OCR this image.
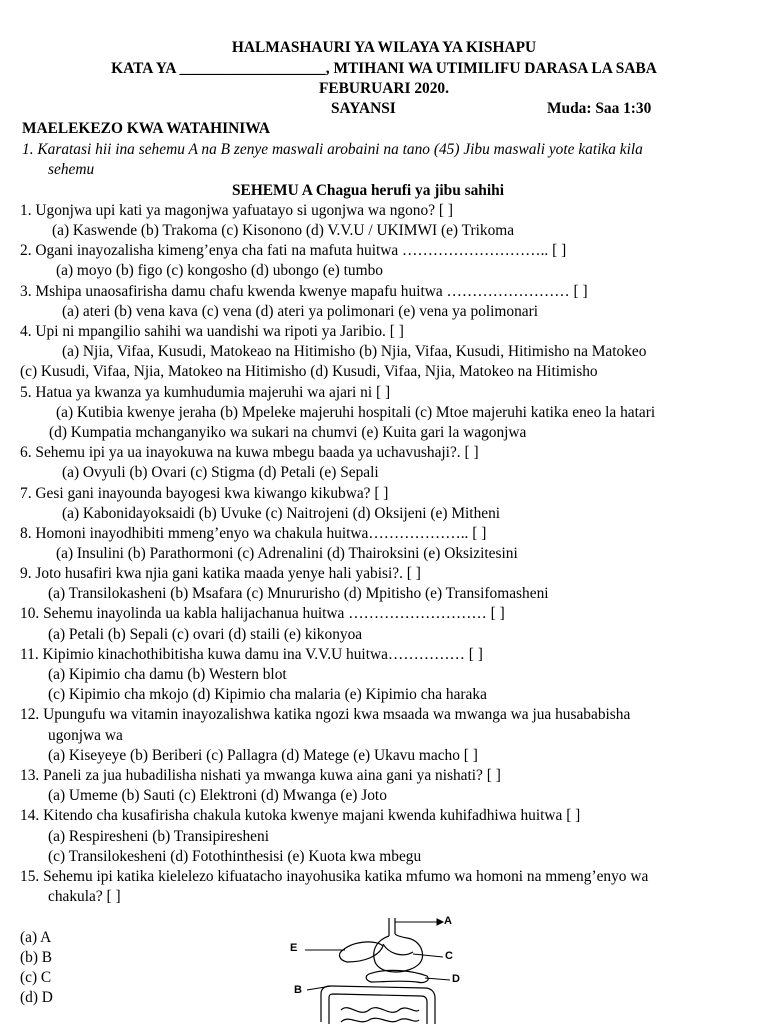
HALMASHAURI YA WILAYA YA KISHAPU
KATA YA ___________________, MTIHANI WA UTIMILIFU DARASA LA SABA
FEBURUARI 2020.
SAYANSI	Muda: Saa 1:30
MAELEKEZO KWA WATAHINIWA
1. Karatasi hii ina sehemu A na B zenye maswali arobaini na tano (45) Jibu maswali yote katika kila
sehemu
SEHEMU A Chagua herufi ya jibu sahihi
1. Ugonjwa upi kati ya magonjwa yafuatayo si ugonjwa wa ngono? [ ]
(a) Kaswende (b) Trakoma (c) Kisonono (d) V.V.U / UKIMWI (e) Trikoma
2. Ogani inayozalisha kimeng’enya cha fati na mafuta huitwa ……………………….. [ ]
(a) moyo (b) figo (c) kongosho (d) ubongo (e) tumbo
3. Mshipa unaosafirisha damu chafu kwenda kwenye mapafu huitwa …………………… [ ]
(a) ateri (b) vena kava (c) vena (d) ateri ya polimonari (e) vena ya polimonari
4. Upi ni mpangilio sahihi wa uandishi wa ripoti ya Jaribio. [ ]
(a) Njia, Vifaa, Kusudi, Matokeao na Hitimisho (b) Njia, Vifaa, Kusudi, Hitimisho na Matokeo
(c) Kusudi, Vifaa, Njia, Matokeo na Hitimisho (d) Kusudi, Vifaa, Njia, Matokeo na Hitimisho
5. Hatua ya kwanza ya kumhudumia majeruhi wa ajari ni [ ]
(a) Kutibia kwenye jeraha (b) Mpeleke majeruhi hospitali (c) Mtoe majeruhi katika eneo la hatari
(d) Kumpatia mchanganyiko wa sukari na chumvi (e) Kuita gari la wagonjwa
6. Sehemu ipi ya ua inayokuwa na kuwa mbegu baada ya uchavushaji?. [ ]
(a) Ovyuli (b) Ovari (c) Stigma (d) Petali (e) Sepali
7. Gesi gani inayounda bayogesi kwa kiwango kikubwa? [ ]
(a) Kabonidayoksaidi (b) Uvuke (c) Naitrojeni (d) Oksijeni (e) Mitheni
8. Homoni inayodhibiti mmeng’enyo wa chakula huitwa……………….. [ ]
(a) Insulini (b) Parathormoni (c) Adrenalini (d) Thairoksini (e) Oksizitesini
9. Joto husafiri kwa njia gani katika maada yenye hali yabisi?. [ ]
(a) Transilokasheni (b) Msafara (c) Mnururisho (d) Mpitisho (e) Transifomasheni
10. Sehemu inayolinda ua kabla halijachanua huitwa ……………………… [ ]
(a) Petali (b) Sepali (c) ovari (d) staili (e) kikonyoa
11. Kipimio kinachothibitisha kuwa damu ina V.V.U huitwa…………… [ ]
(a) Kipimio cha damu (b) Western blot
(c) Kipimio cha mkojo (d) Kipimio cha malaria (e) Kipimio cha haraka
12. Upungufu wa vitamin inayozalishwa katika ngozi kwa msaada wa mwanga wa jua husababisha
ugonjwa wa
(a) Kiseyeye (b) Beriberi (c) Pallagra (d) Matege (e) Ukavu macho [ ]
13. Paneli za jua hubadilisha nishati ya mwanga kuwa aina gani ya nishati? [ ]
(a) Umeme (b) Sauti (c) Elektroni (d) Mwanga (e) Joto
14. Kitendo cha kusafirisha chakula kutoka kwenye majani kwenda kuhifadhiwa huitwa [ ]
(a) Respiresheni (b) Transipiresheni
(c) Transilokesheni (d) Fotothinthesisi (e) Kuota kwa mbegu
15. Sehemu ipi katika kielelezo kifuatacho inayohusika katika mfumo wa homoni na mmeng’enyo wa
chakula? [ ]
(a) A
(b) B
(c) C
(d) D
A
E
C
D
B
